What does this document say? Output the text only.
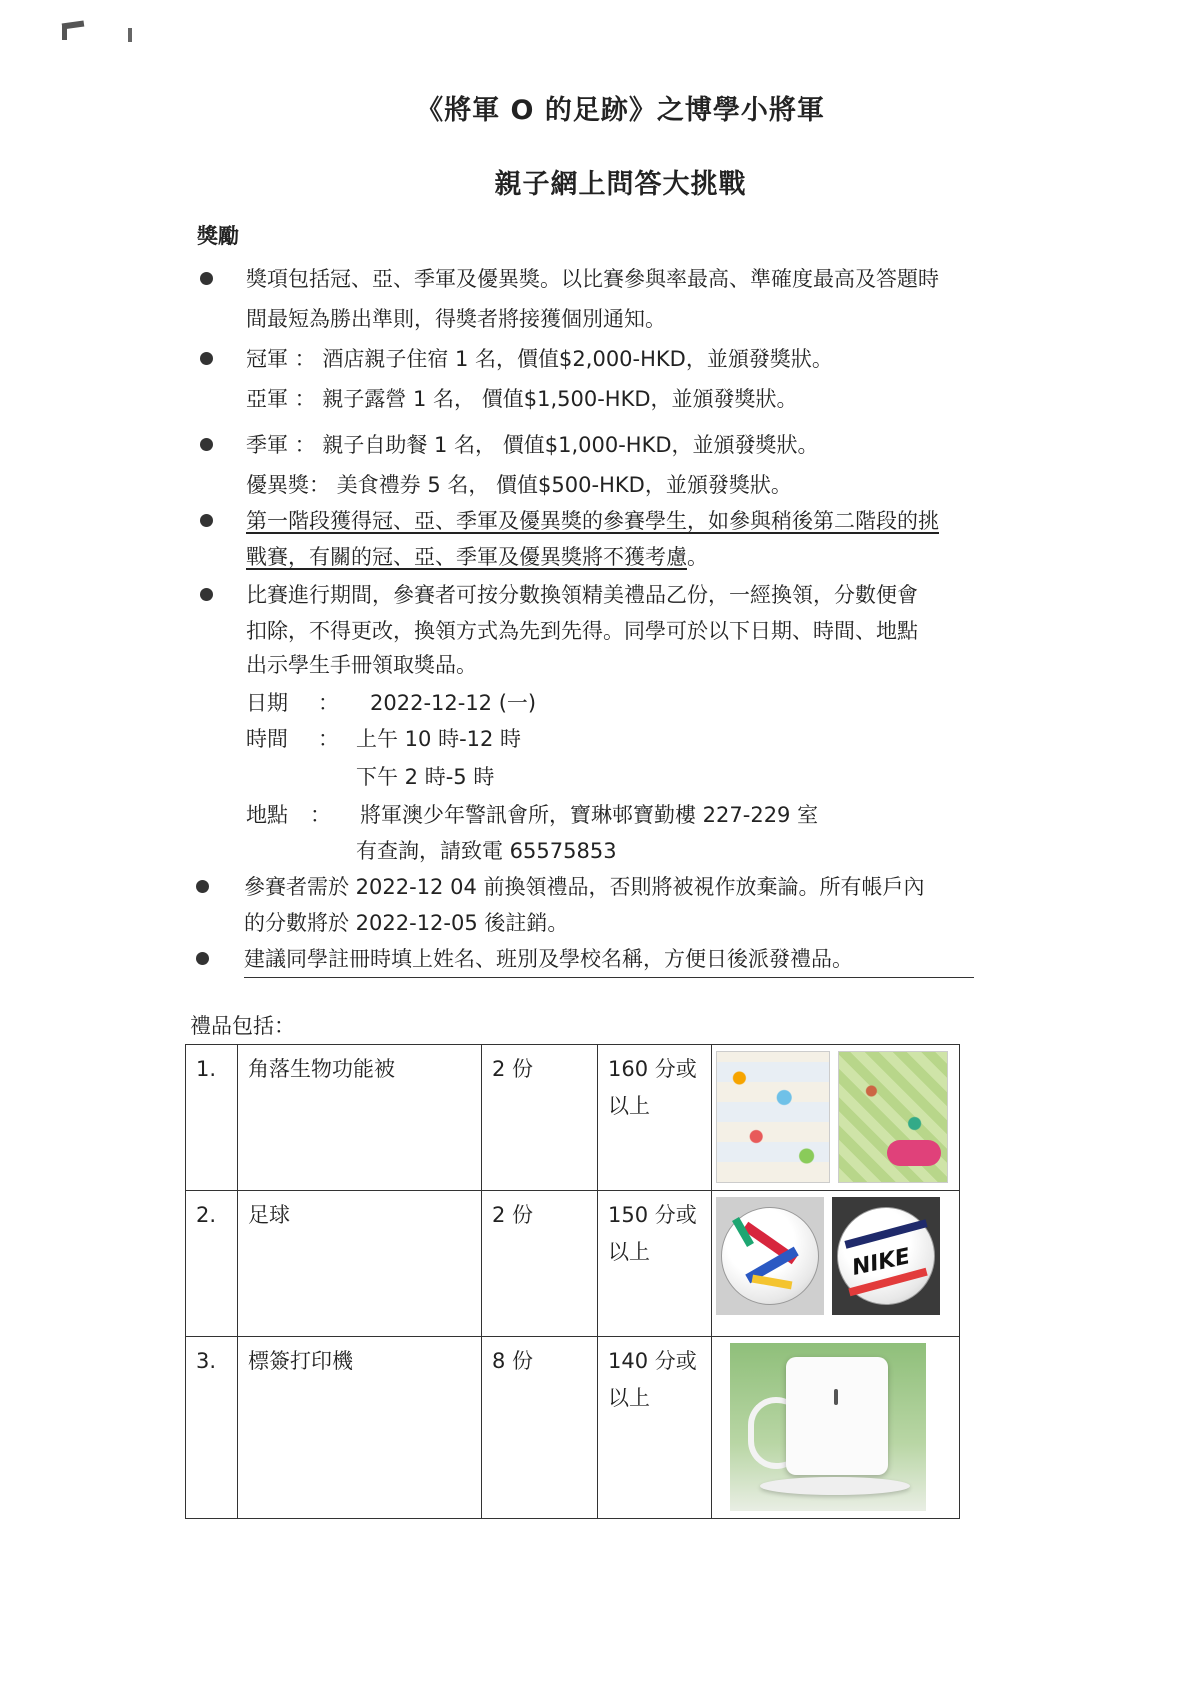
《將軍 O 的足跡》之博學小將軍
親子網上問答大挑戰
獎勵
獎項包括冠、亞、季軍及優異獎。以比賽參與率最高、準確度最高及答題時
間最短為勝出準則，得獎者將接獲個別通知。
冠軍 ： 酒店親子住宿 1 名，價值$2,000-HKD，並頒發獎狀。
亞軍 ： 親子露營 1 名， 價值$1,500-HKD，並頒發獎狀。
季軍 ： 親子自助餐 1 名， 價值$1,000-HKD，並頒發獎狀。
優異獎： 美食禮券 5 名， 價值$500-HKD，並頒發獎狀。
第一階段獲得冠、亞、季軍及優異獎的參賽學生，如參與稍後第二階段的挑
戰賽，有關的冠、亞、季軍及優異獎將不獲考慮。
比賽進行期間，參賽者可按分數換領精美禮品乙份，一經換領，分數便會
扣除，不得更改，換領方式為先到先得。同學可於以下日期、時間、地點
出示學生手冊領取獎品。
日期 ： 2022-12-12 (一)
時間 ： 上午 10 時-12 時
下午 2 時-5 時
地點 ： 將軍澳少年警訊會所，寶琳邨寶勤樓 227-229 室
有查詢，請致電 65575853
參賽者需於 2022-12 04 前換領禮品，否則將被視作放棄論。所有帳戶內
的分數將於 2022-12-05 後註銷。
建議同學註冊時填上姓名、班別及學校名稱，方便日後派發禮品。
禮品包括：
1.	角落生物功能被	2 份	160 分或
以上	

2.	足球	2 份	150 分或
以上	NIKE

3.	標簽打印機	8 份	140 分或
以上	
